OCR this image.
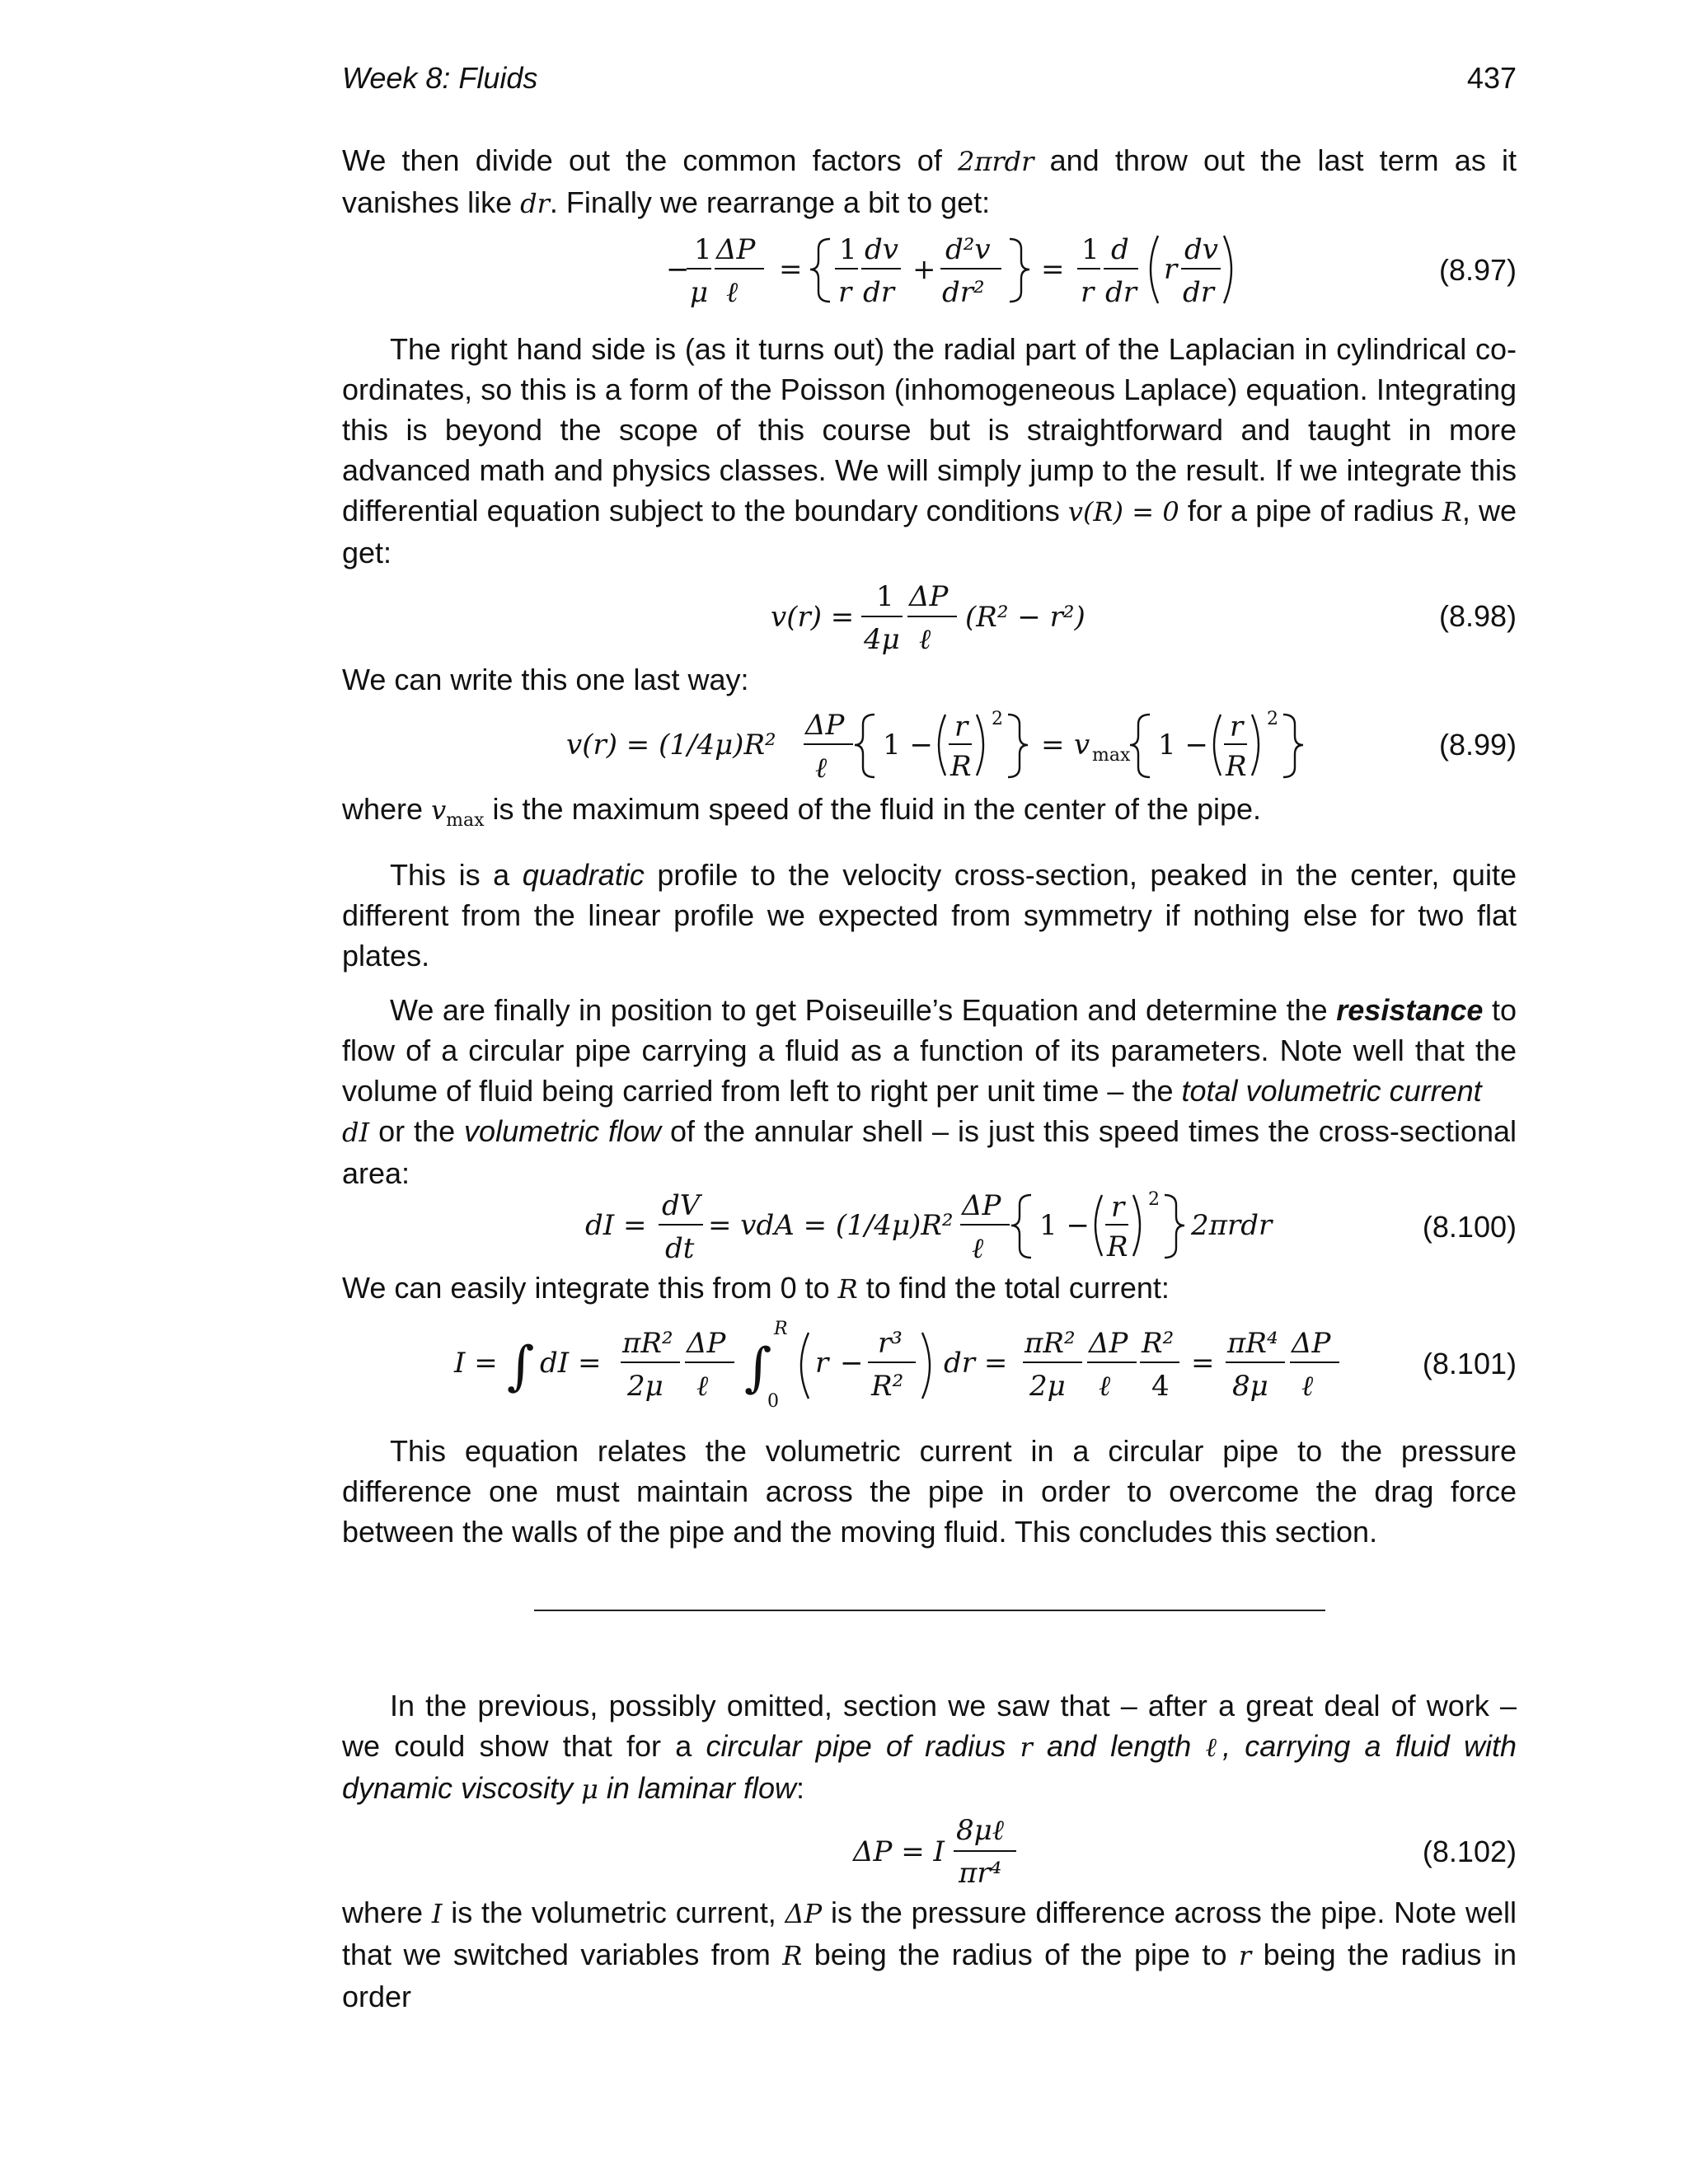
Week 8: Fluids	437

We then divide out the common factors of 2πrdr and throw out the last term as it vanishes like dr. Finally we rearrange a bit to get:

−
1
μ
ΔP
ℓ
=
1
r
dv
dr
+
d²v
dr²
=
1
r
d
dr
r
dv
dr
(8.97)

The right hand side is (as it turns out) the radial part of the Laplacian in cylindrical co-ordinates, so this is a form of the Poisson (inhomogeneous Laplace) equation. Integrating this is beyond the scope of this course but is straightforward and taught in more advanced math and physics classes. We will simply jump to the result. If we integrate this differential equation subject to the boundary conditions v(R) = 0 for a pipe of radius R, we get:

v(r) =
1
4μ
ΔP
ℓ
(R² − r²)	(8.98)

We can write this one last way:

v(r) = (1/4μ)R²
ΔP
ℓ
1 −
r
R
2
= v max 1 −
r
R
2
(8.99)

where $v_{max}$ is the maximum speed of the fluid in the center of the pipe.

This is a quadratic profile to the velocity cross-section, peaked in the center, quite different from the linear profile we expected from symmetry if nothing else for two flat plates.

We are finally in position to get Poiseuille’s Equation and determine the resistance to flow of a circular pipe carrying a fluid as a function of its parameters. Note well that the volume of fluid being carried from left to right per unit time – the total volumetric current
dI or the volumetric flow of the annular shell – is just this speed times the cross-sectional area:

dI =
dV
dt
= vdA = (1/4μ)R²
ΔP
ℓ
1 −
r
R
2
2πrdr	(8.100)

We can easily integrate this from 0 to R to find the total current:

I = ∫ dI =
πR²
2μ
ΔP
ℓ ∫
R
0
r −
r³
R²
dr =
πR²
2μ
ΔP
ℓ
R²
4
=
πR⁴
8μ
ΔP
ℓ
(8.101)

This equation relates the volumetric current in a circular pipe to the pressure difference one must maintain across the pipe in order to overcome the drag force between the walls of the pipe and the moving fluid. This concludes this section.

In the previous, possibly omitted, section we saw that – after a great deal of work – we could show that for a circular pipe of radius r and length ℓ, carrying a fluid with dynamic viscosity μ in laminar flow:

ΔP = I
8μℓ
πr⁴
(8.102)

where I is the volumetric current, ΔP is the pressure difference across the pipe. Note well that we switched variables from R being the radius of the pipe to r being the radius in order
